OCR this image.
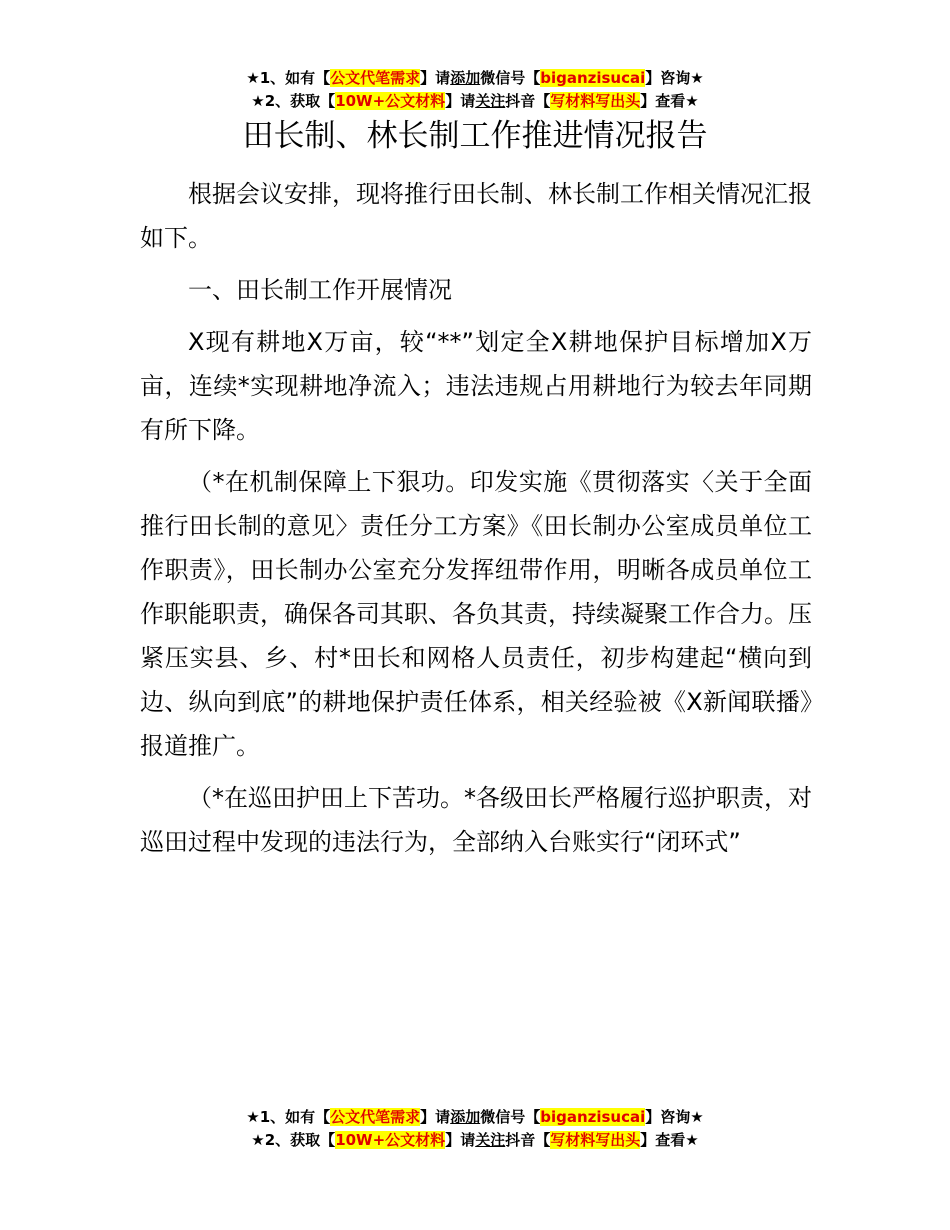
★1、如有【公文代笔需求】请添加微信号【biganzisucai】咨询★
★2、获取【10W+公文材料】请关注抖音【写材料写出头】查看★
田长制、林长制工作推进情况报告

根据会议安排，现将推行田长制、林长制工作相关情况汇报如下。

一、田长制工作开展情况

X现有耕地X万亩，较“**”划定全X耕地保护目标增加X万亩，连续*实现耕地净流入；违法违规占用耕地行为较去年同期有所下降。

（*在机制保障上下狠功。印发实施《贯彻落实〈关于全面推行田长制的意见〉责任分工方案》《田长制办公室成员单位工作职责》，田长制办公室充分发挥纽带作用，明晰各成员单位工作职能职责，确保各司其职、各负其责，持续凝聚工作合力。压紧压实县、乡、村*田长和网格人员责任，初步构建起“横向到边、纵向到底”的耕地保护责任体系，相关经验被《X新闻联播》报道推广。

（*在巡田护田上下苦功。*各级田长严格履行巡护职责，对巡田过程中发现的违法行为，全部纳入台账实行“闭环式”

★1、如有【公文代笔需求】请添加微信号【biganzisucai】咨询★
★2、获取【10W+公文材料】请关注抖音【写材料写出头】查看★
